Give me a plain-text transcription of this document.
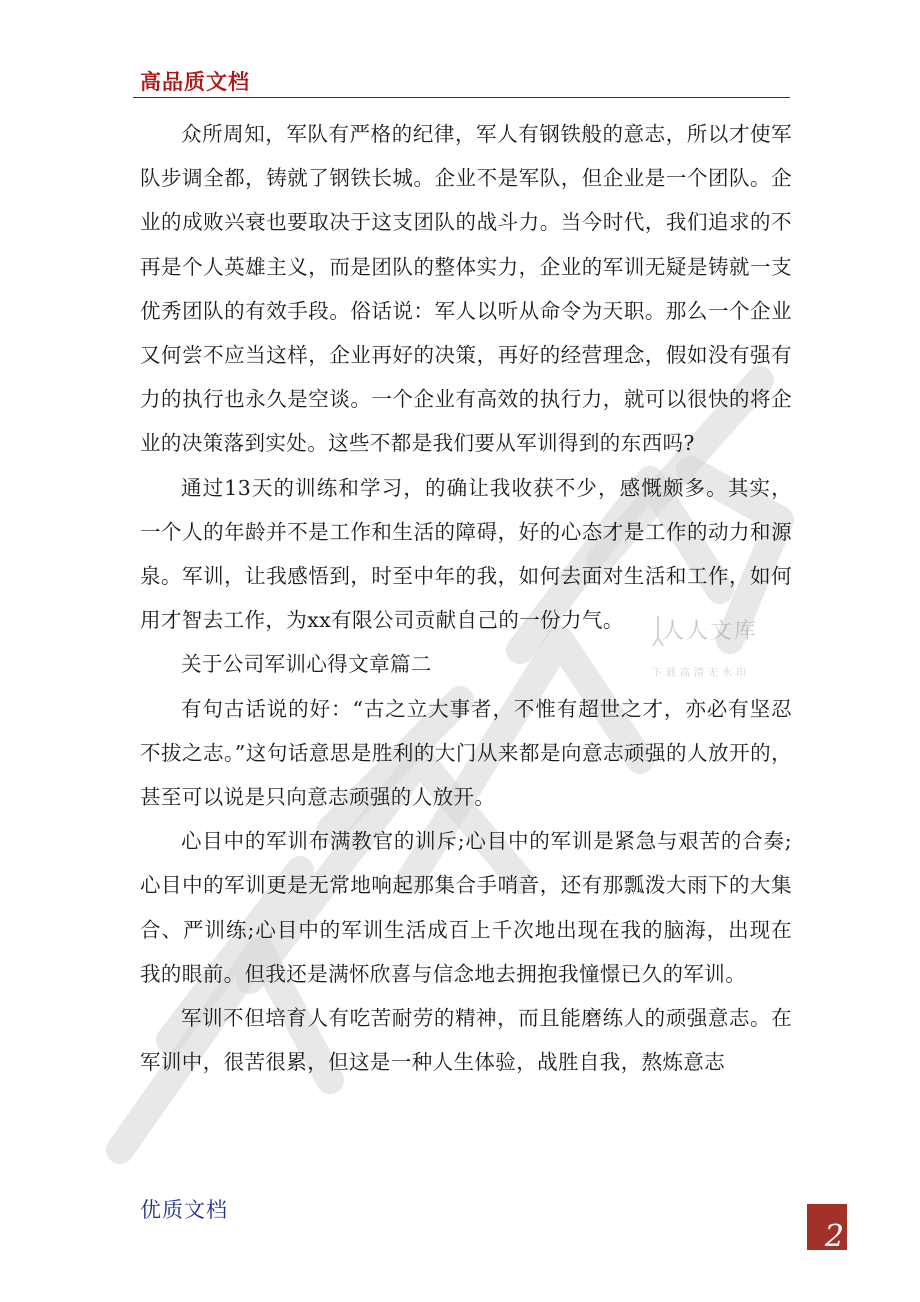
高品质文档

众所周知，军队有严格的纪律，军人有钢铁般的意志，所以才使军队步调全都，铸就了钢铁长城。企业不是军队，但企业是一个团队。企业的成败兴衰也要取决于这支团队的战斗力。当今时代，我们追求的不再是个人英雄主义，而是团队的整体实力，企业的军训无疑是铸就一支优秀团队的有效手段。俗话说：军人以听从命令为天职。那么一个企业又何尝不应当这样，企业再好的决策，再好的经营理念，假如没有强有力的执行也永久是空谈。一个企业有高效的执行力，就可以很快的将企业的决策落到实处。这些不都是我们要从军训得到的东西吗?

通过13天的训练和学习，的确让我收获不少，感慨颇多。其实，一个人的年龄并不是工作和生活的障碍，好的心态才是工作的动力和源泉。军训，让我感悟到，时至中年的我，如何去面对生活和工作，如何用才智去工作，为xx有限公司贡献自己的一份力气。

关于公司军训心得文章篇二

有句古话说的好：“古之立大事者，不惟有超世之才，亦必有坚忍不拔之志。”这句话意思是胜利的大门从来都是向意志顽强的人放开的，甚至可以说是只向意志顽强的人放开。

心目中的军训布满教官的训斥;心目中的军训是紧急与艰苦的合奏;心目中的军训更是无常地响起那集合手哨音，还有那瓢泼大雨下的大集合、严训练;心目中的军训生活成百上千次地出现在我的脑海，出现在我的眼前。但我还是满怀欣喜与信念地去拥抱我憧憬已久的军训。

军训不但培育人有吃苦耐劳的精神，而且能磨练人的顽强意志。在军训中，很苦很累，但这是一种人生体验，战胜自我，熬炼意志

人人文库
下载高清无水印
优质文档
2
